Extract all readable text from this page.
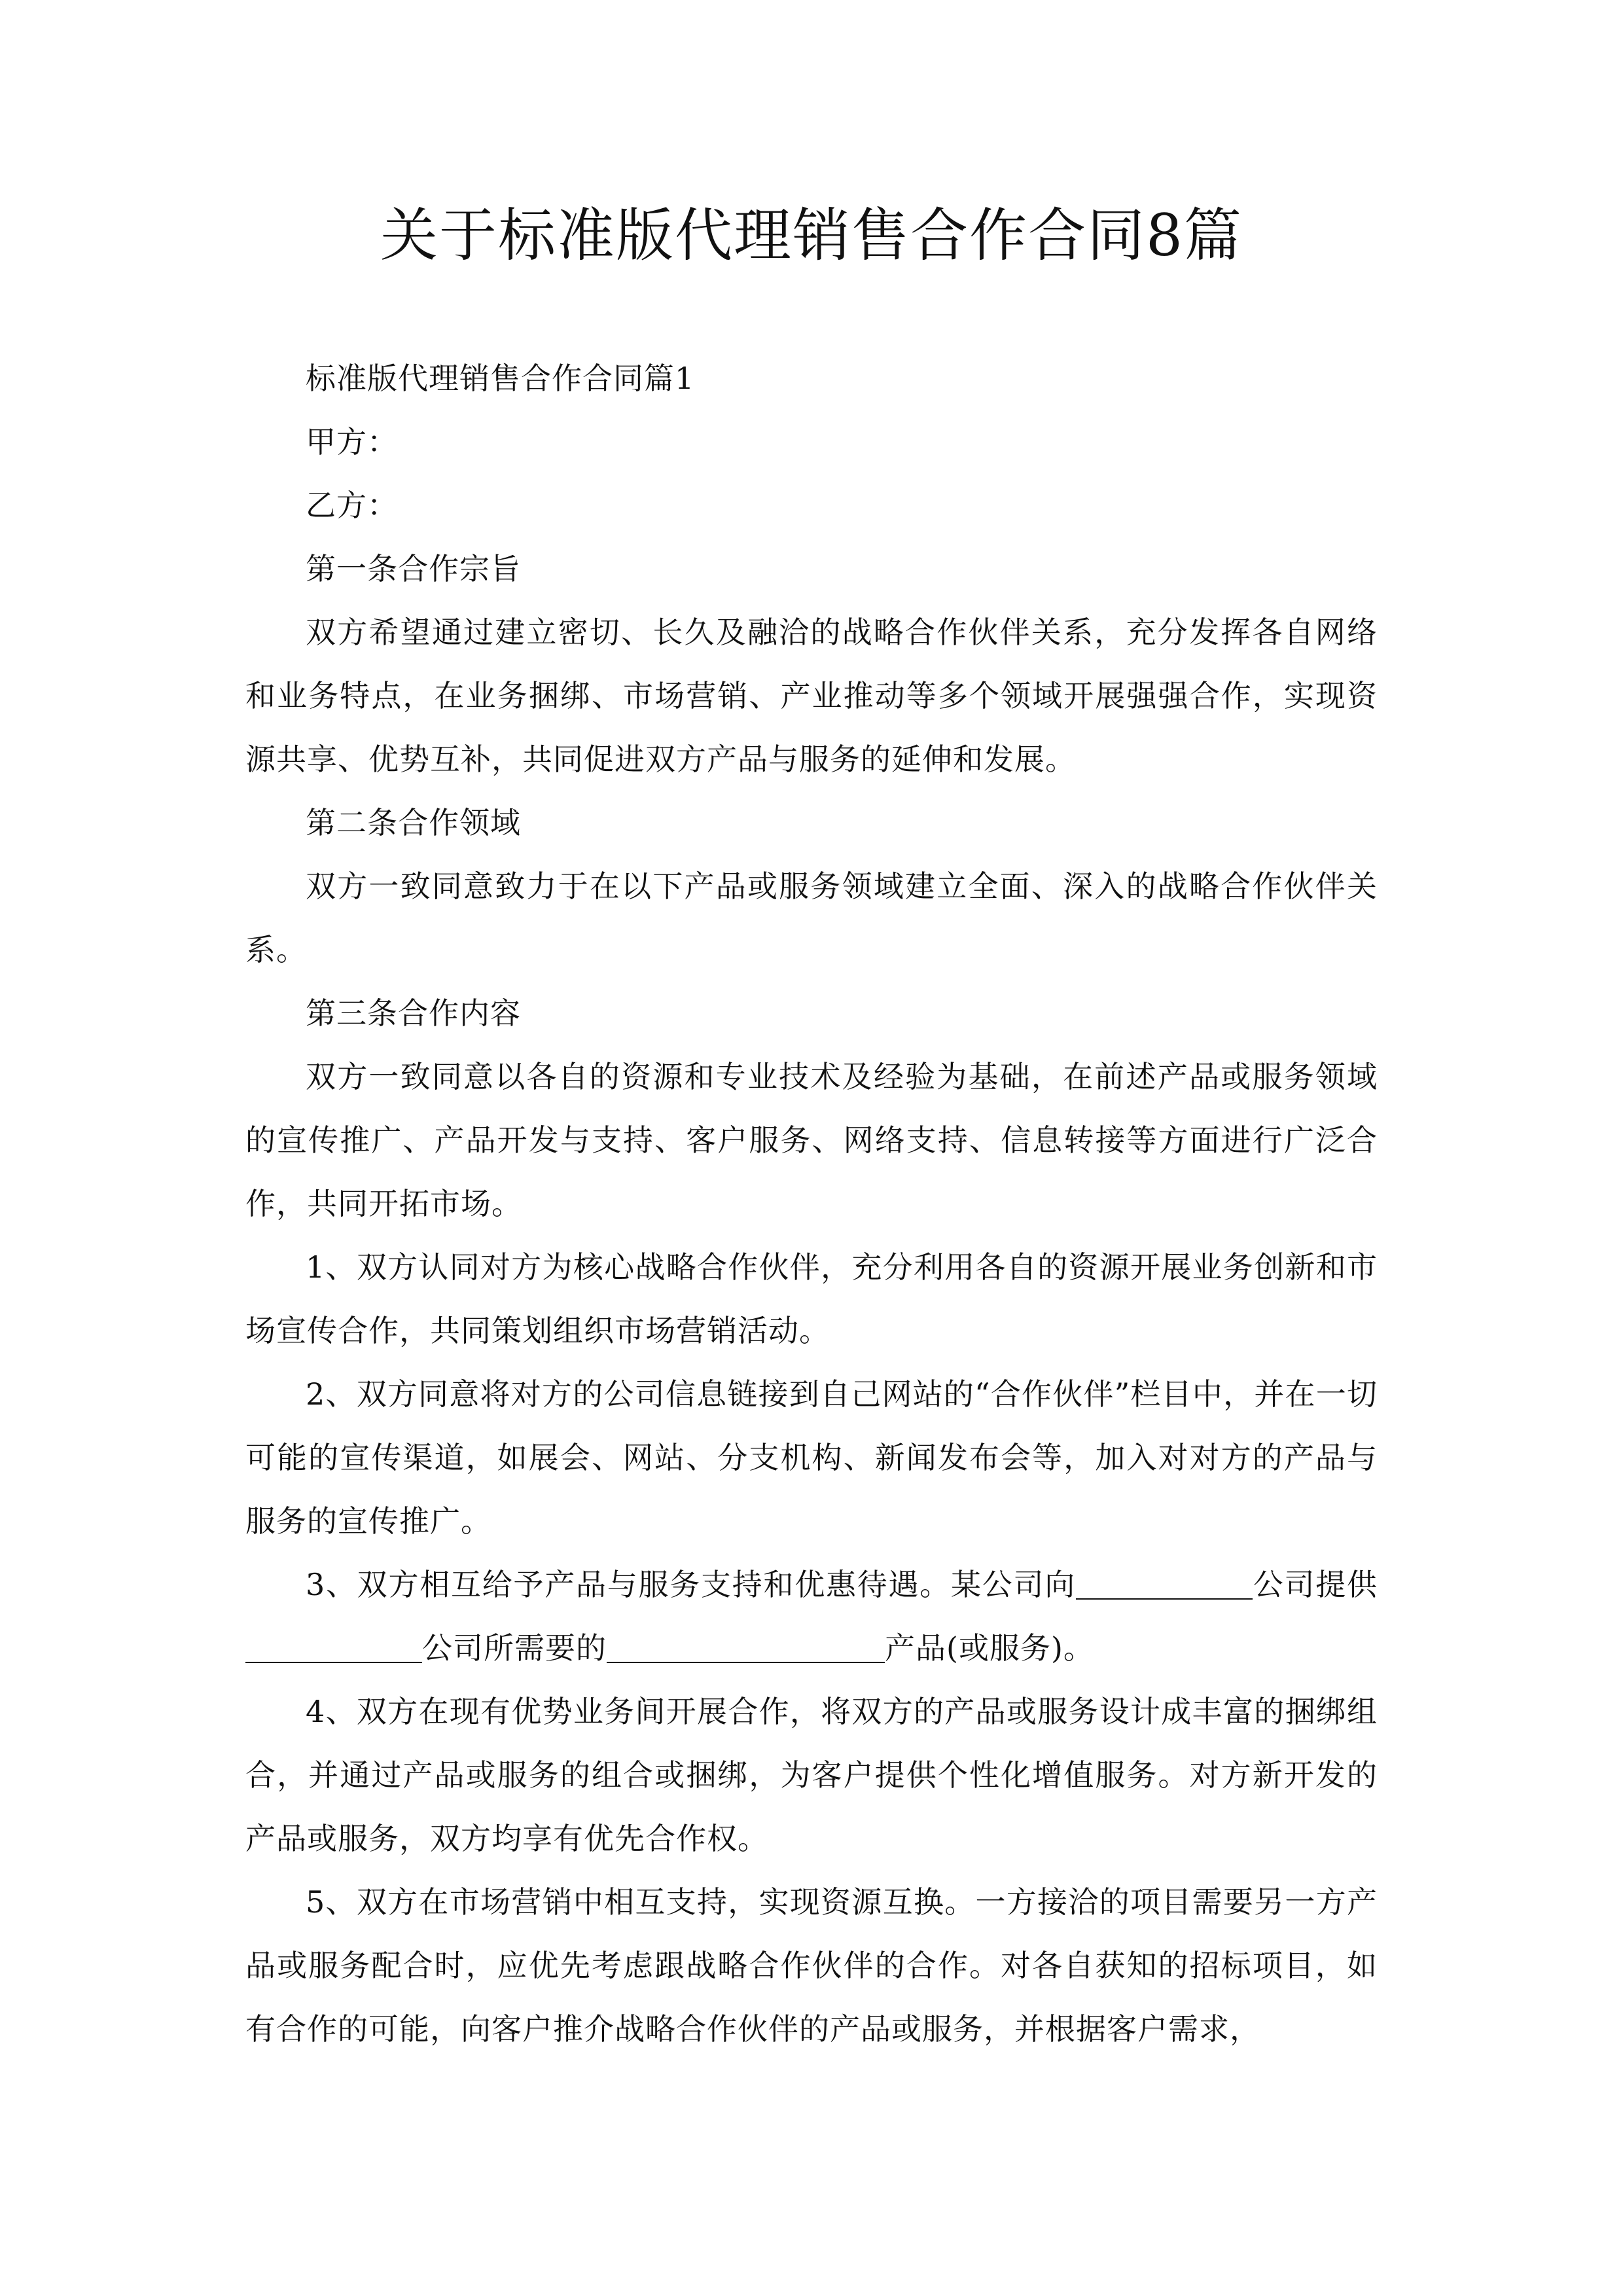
关于标准版代理销售合作合同8篇

标准版代理销售合作合同篇1

甲方：

乙方：

第一条合作宗旨

双方希望通过建立密切、长久及融洽的战略合作伙伴关系，充分发挥各自网络和业务特点，在业务捆绑、市场营销、产业推动等多个领域开展强强合作，实现资源共享、优势互补，共同促进双方产品与服务的延伸和发展。

第二条合作领域

双方一致同意致力于在以下产品或服务领域建立全面、深入的战略合作伙伴关系。

第三条合作内容

双方一致同意以各自的资源和专业技术及经验为基础，在前述产品或服务领域的宣传推广、产品开发与支持、客户服务、网络支持、信息转接等方面进行广泛合作，共同开拓市场。

1、双方认同对方为核心战略合作伙伴，充分利用各自的资源开展业务创新和市场宣传合作，共同策划组织市场营销活动。

2、双方同意将对方的公司信息链接到自己网站的“合作伙伴”栏目中，并在一切可能的宣传渠道，如展会、网站、分支机构、新闻发布会等，加入对对方的产品与服务的宣传推广。

3、双方相互给予产品与服务支持和优惠待遇。某公司向	公司提供公司所需要的	产品(或服务)。

4、双方在现有优势业务间开展合作，将双方的产品或服务设计成丰富的捆绑组合，并通过产品或服务的组合或捆绑，为客户提供个性化增值服务。对方新开发的产品或服务，双方均享有优先合作权。

5、双方在市场营销中相互支持，实现资源互换。一方接洽的项目需要另一方产品或服务配合时，应优先考虑跟战略合作伙伴的合作。对各自获知的招标项目，如有合作的可能，向客户推介战略合作伙伴的产品或服务，并根据客户需求，
